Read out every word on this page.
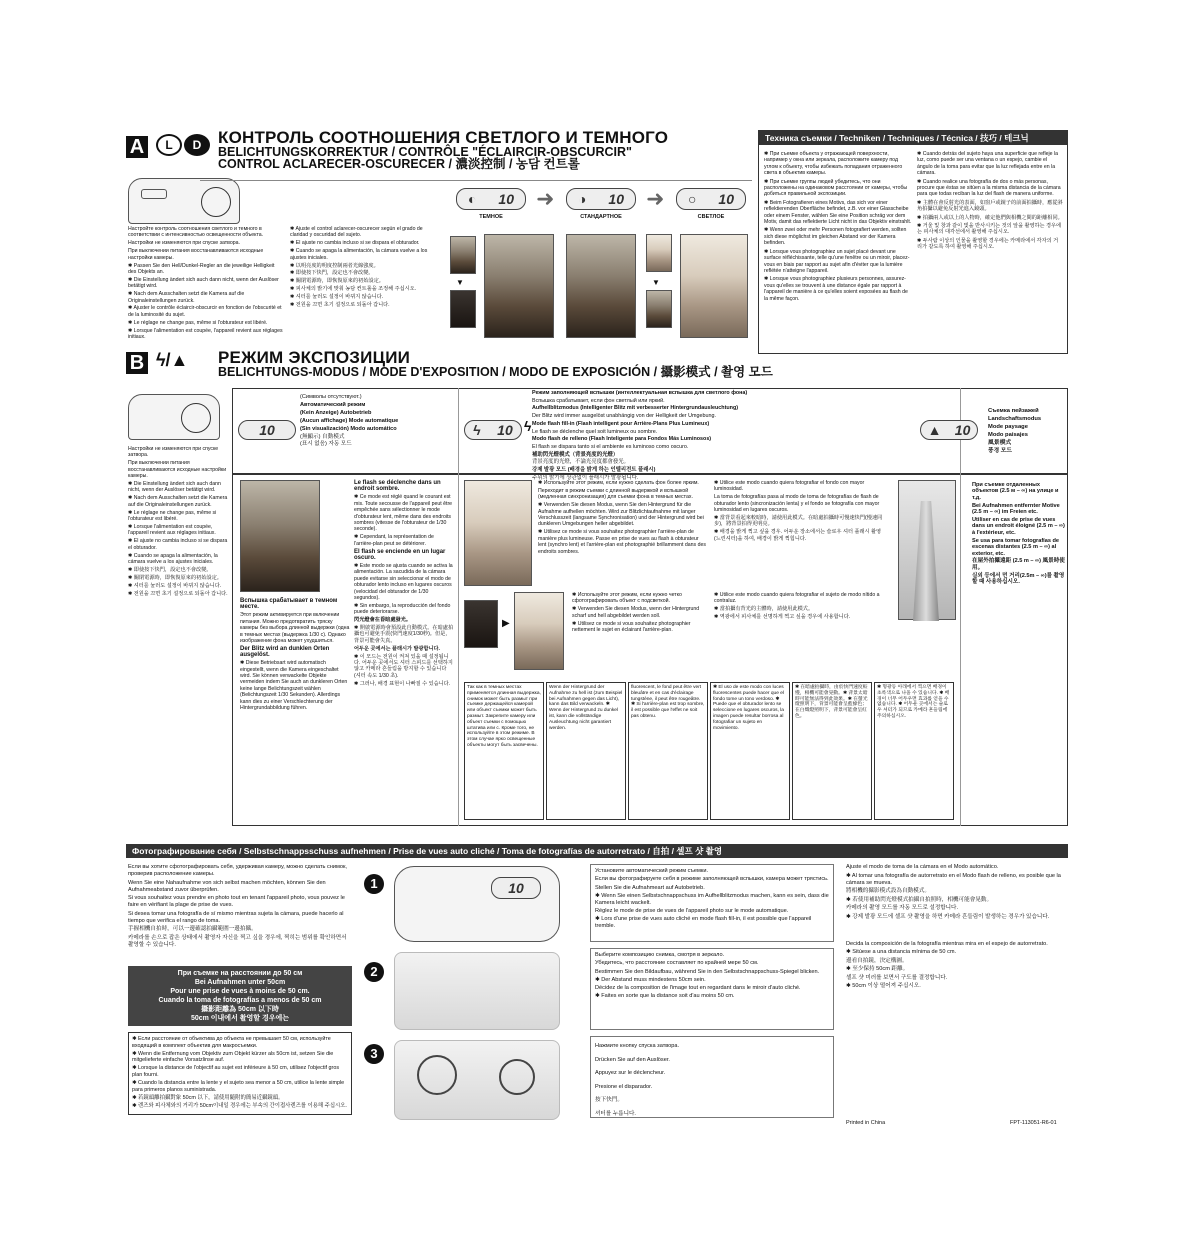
A	L	D КОНТРОЛЬ СООТНОШЕНИЯ СВЕТЛОГО И ТЕМНОГО
BELICHTUNGSKORREKTUR / CONTRÔLE "ÉCLAIRCIR-OBSCURCIR"
CONTROL ACLARECER-OSCURECER / 濃淡控制 / 농담 컨트롤
◐ 10 ➜ ◑ 10 ➜ ○ 10
ТЕМНОЕ	СТАНДАРТНОЕ	СВЕТЛОЕ
▼	▼

Настройте контроль соотношения светлого и темного в соответствии с интенсивностью освещенности объекта.

Настройки не изменяются при спуске затвора.

При выключении питания восстанавливаются исходные настройки камеры.

✱ Passen Sie den Hell/Dunkel-Regler an die jeweilige Helligkeit des Objekts an.

✱ Die Einstellung ändert sich auch dann nicht, wenn der Auslöser betätigt wird.

✱ Nach dem Ausschalten setzt die Kamera auf die Originaleinstellungen zurück.

✱ Ajuster le contrôle éclaircir-obscurcir en fonction de l'obscurité et de la luminosité du sujet.

✱ Le réglage ne change pas, même si l'obturateur est libéré.

✱ Lorsque l'alimentation est coupée, l'appareil revient aux réglages initiaux.

✱ Ajuste el control aclarecer-oscurecer según el grado de claridad y oscuridad del sujeto.

✱ El ajuste no cambia incluso si se dispara el obturador.

✱ Cuando se apaga la alimentación, la cámara vuelve a los ajustes iniciales.

✱ 以明亮度的明度控制兩者光線強度。

✱ 即使按下快門，設定也不會改變。

✱ 關閉電源時，即恢復原來的初始設定。

✱ 피사체의 밝기에 맞춰 농담 컨트롤을 조정해 주십시오.

✱ 셔터를 눌러도 설정이 바뀌지 않습니다.

✱ 전원을 끄면 초기 설정으로 되돌아 갑니다.

Техника съемки / Techniken / Techniques / Técnica / 技巧 / 테크닉

✱ При съемке объекта у отражающей поверхности, например у окна или зеркала, расположите камеру под углом к объекту, чтобы избежать попадания отраженного света в объектив камеры.

✱ При съемке группы людей убедитесь, что они расположены на одинаковом расстоянии от камеры, чтобы добиться правильной экспозиции.

✱ Beim Fotografieren eines Motivs, das sich vor einer reflektierenden Oberfläche befindet, z.B. vor einer Glasscheibe oder einem Fenster, wählen Sie eine Position schräg vor dem Motiv, damit das reflektierte Licht nicht in das Objektiv einstrahlt.

✱ Wenn zwei oder mehr Personen fotografiert werden, sollten sich diese möglichst im gleichen Abstand vor der Kamera befinden.

✱ Lorsque vous photographiez un sujet placé devant une surface réfléchissante, telle qu'une fenêtre ou un miroir, placez-vous en biais par rapport au sujet afin d'éviter que la lumière reflétée n'atteigne l'appareil.

✱ Lorsque vous photographiez plusieurs personnes, assurez-vous qu'elles se trouvent à une distance égale par rapport à l'appareil de manière à ce qu'elles soient exposées au flash de la même façon.

✱ Cuando detrás del sujeto haya una superficie que refleje la luz, como puede ser una ventana o un espejo, cambie el ángulo de la toma para evitar que la luz reflejada entre en la cámara.

✱ Cuando realice una fotografía de dos o más personas, procure que éstas se sitúen a la misma distancia de la cámara para que todas reciban la luz del flash de manera uniforme.

✱ 主體在會反射光的表面，如窗戶或鏡子的前面拍攝時，應從斜角拍攝以避免反射光進入鏡頭。

✱ 拍攝兩人或以上的人物時，確定他們與相機之間的距離相同。

✱ 거울 및 창과 같이 빛을 반사시키는 것의 앞을 촬영하는 경우에는 피사체의 대각선에서 촬영해 주십시오.

✱ 두사람 이상의 인물을 촬영할 경우에는 카메라에서 각자의 거리가 같도록 하여 촬영해 주십시오.

B ϟ/▲ РЕЖИМ ЭКСПОЗИЦИИ
BELICHTUNGS-MODUS / MODE D'EXPOSITION / MODO DE EXPOSICIÓN / 攝影模式 / 촬영 모드
10

(Символы отсутствуют.)

Автоматический режим

(Kein Anzeige) Autobetrieb

(Aucun affichage) Mode automatique

(Sin visualización) Modo automático

(無顯示) 自動模式

(표시 없음) 자동 모드

ϟ 10 ϟ

Режим заполняющей вспышки (интеллектуальная вспышка для светлого фона)

Вспышка срабатывает, если фон светлый или яркий.

Aufhellblitzmodus (Intelligenter Blitz mit verbesserter Hintergrundausleuchtung)

Der Blitz wird immer ausgelöst unabhängig von der Helligkeit der Umgebung.

Mode flash fill-in (Flash intelligent pour Arrière-Plans Plus Lumineux)

Le flash se déclenche quel soit lumineux ou sombre.

Modo flash de relleno (Flash Inteligente para Fondos Más Luminosos)

El flash se dispara tanto si el ambiente es luminoso como oscuro.

補助閃光燈模式（背景亮度的光燈）

背景亮度的光燈，不論光亮度都會發光。

강제 발광 모드 (배경을 밝게 하는 인텔리전트 플래시)

주위의 밝기에 상관없이 플래시가 발광됩니다.

▲ 10

Съемка пейзажей

Landschaftsmodus

Mode paysage

Modo paisajes

風景模式

풍경 모드

Настройки не изменяются при спуске затвора.

При выключении питания восстанавливаются исходные настройки камеры.

✱ Die Einstellung ändert sich auch dann nicht, wenn der Auslöser betätigt wird.

✱ Nach dem Ausschalten setzt die Kamera auf die Originaleinstellungen zurück.

✱ Le réglage ne change pas, même si l'obturateur est libéré.

✱ Lorsque l'alimentation est coupée, l'appareil revient aux réglages initiaux.

✱ El ajuste no cambia incluso si se dispara el obturador.

✱ Cuando se apaga la alimentación, la cámara vuelve a los ajustes iniciales.

✱ 即使按下快門，設定也不會改變。

✱ 關閉電源時，即恢復原來的初始設定。

✱ 셔터를 눌러도 설정이 바뀌지 않습니다.

✱ 전원을 끄면 초기 설정으로 되돌아 갑니다.

Вспышка срабатывает в темном месте.

Этот режим активируется при включении питания. Можно предотвратить тряску камеры без выбора длинной выдержки (одна в темных местах (выдержка 1/30 с). Однако изображение фона может ухудшиться.

Der Blitz wird an dunklen Orten ausgelöst.

✱ Diese Betriebsart wird automatisch eingestellt, wenn die Kamera eingeschaltet wird. Sie können verwackelte Objekte vermeiden indem Sie auch an dunkleren Orten keine lange Belichtungszeit wählen (Belichtungszeit 1/30 Sekunden). Allerdings kann dies zu einer Verschlechterung der Hintergrundabbildung führen.

Le flash se déclenche dans un endroit sombre.

✱ Ce mode est réglé quand le courant est mis. Toute secousse de l'appareil peut être empêchée sans sélectionner le mode d'obturateur lent, même dans des endroits sombres (vitesse de l'obturateur de 1/30 seconde).

✱ Cependant, la représentation de l'arrière-plan peut se détériorer.

El flash se enciende en un lugar oscuro.

✱ Este modo se ajusta cuando se activa la alimentación. La sacudida de la cámara puede evitarse sin seleccionar el modo de obturador lento incluso en lugares oscuros (velocidad del obturador de 1/30 segundos).

✱ Sin embargo, la reproducción del fondo puede deteriorarse.

閃光燈會在昏暗處發光。

✱ 開啟電源時會預設此自動模式。在暗處拍攝也可避免手震(快門速度1/30秒)。但是，背景可能會失真。

어두운 곳에서는 플래시가 발광합니다.

✱ 이 모드는 전원이 켜져 있을 때 설정됩니다. 어두운 곳에서도 셔터 스피드를 선택하지 않고 카메라 흔들림을 방지할 수 있습니다 (셔터 속도 1/30 초).

✱ 그러나, 배경 표현이 나빠질 수 있습니다.

✱ Используйте этот режим, если нужно сделать фон более ярким.

Переходит в режим съемки с длинной выдержкой и вспышкой (медленная синхронизация) для съемки фона в темных местах.

✱ Verwenden Sie diesen Modus, wenn Sie den Hintergrund für die Aufnahme aufhellen möchten. Wird zur Blitzlichtaufnahme mit langer Verschlusszeit (langsame Synchronisation) und der Hintergrund wird bei dunkleren Umgebungen heller abgebildet.

✱ Utilisez ce mode si vous souhaitez photographier l'arrière-plan de manière plus lumineuse. Passe en prise de vues au flash à obturateur lent (synchro lent) et l'arrière-plan est photographié brillamment dans des endroits sombres.

✱ Utilice este modo cuando quiera fotografiar el fondo con mayor luminosidad.

La toma de fotografías pasa al modo de toma de fotografías de flash de obturador lento (sincronización lenta) y el fondo se fotografía con mayor luminosidad en lugares oscuros.

✱ 當背景看起來較暗時，請使用此模式。在暗處拍攝時可慢速快門(慢速同步)，將背景拍得更明亮。

✱ 배경을 밝게 찍고 싶을 경우. 어두운 장소에서는 슬로우 셔터 플래시 촬영(느린셔터)을 하여, 배경이 밝게 찍힙니다.

▶

✱ Используйте этот режим, если нужно четко сфотографировать объект с подсветкой.

✱ Verwenden Sie diesen Modus, wenn der Hintergrund scharf und hell abgebildet werden soll.

✱ Utilisez ce mode si vous souhaitez photographier nettement le sujet en éclairant l'arrière-plan.

✱ Utilice este modo cuando quiera fotografiar el sujeto de modo nítido a contraluz.

✱ 當拍攝有背光的主體時，請使用此模式。

✱ 역광에서 피사체를 선명하게 찍고 싶을 경우에 사용합니다.

Так как в темных местах применяется длинная выдержка, снимок может быть размыт при съемке держащейся камерой или объект съемки может быть размыт. Закрепите камеру или объект съемки с помощью штатива или с. Кроме того, не используйте в этом режиме. В этом случае ярко освещенные объекты могут быть засвечены.
Wenn der Hintergrund der Aufnahme zu hell ist (zum Beispiel bei Aufnahmen gegen das Licht), kann das Bild verwackeln. ✱ Wenn der Hintergrund zu dunkel ist, kann die vollständige Ausleuchtung nicht garantiert werden.
fluorescent, le fond peut être vert bleuâtre et en cas d'éclairage tungstène, il peut être rougeâtre. ✱ Si l'arrière-plan est trop sombre, il est possible que l'effet ne soit pas obtenu.
✱ El uso de este modo con luces fluorescentes puede hacer que el fondo tome un tono verdoso. ✱ Puede que el obturador lento se seleccione en lugares oscuros, la imagen puede resultar borrosa al fotografiar un sujeto en movimiento.
✱ 在暗處拍攝時，由於快門速度較慢，相機可能會晃動。✱ 背景太暗時可能無法得到此效果。✱ 在螢光燈照明下，背景可能會呈藍綠色；在白熾燈照明下，背景可能會呈紅色。
✱ 형광등 아래에서 찍으면 배경이 초록색으로 나올 수 있습니다. ✱ 배경이 너무 어두우면 효과를 얻을 수 없습니다. ✱ 어두운 곳에서는 슬로우 셔터가 되므로 카메라 흔들림에 주의하십시오.

При съемке отдаленных объектов (2.5 м – ∞) на улице и т.д.

Bei Aufnahmen entfernter Motive (2.5 m – ∞) im Freien etc.

Utiliser en cas de prise de vues dans un endroit éloigné (2.5 m – ∞) à l'extérieur, etc.

Se usa para tomar fotografías de escenas distantes (2.5 m – ∞) al exterior, etc.

在屋外拍攝遠距 (2.5 m – ∞) 風景時使用。

실외 등에서 먼 거리(2.5m – ∞)를 촬영할 때 사용하십시오.

Фотографирование себя / Selbstschnappsschuss aufnehmen / Prise de vues auto cliché / Toma de fotografías de autorretrato / 自拍 / 셀프 샷 촬영

Если вы хотите сфотографировать себя, удерживая камеру, можно сделать снимок, проверив расположение камеры.

Wenn Sie eine Nahaufnahme von sich selbst machen möchten, können Sie den Aufnahmeabstand zuvor überprüfen.

Si vous souhaitez vous prendre en photo tout en tenant l'appareil photo, vous pouvez le faire en vérifiant la plage de prise de vues.

Si desea tomar una fotografía de sí mismo mientras sujeta la cámara, puede hacerlo al tiempo que verifica el rango de toma.

手握相機自拍時，可以一邊確認拍攝範圍一邊拍攝。

카메라를 손으로 잡은 상태에서 촬영자 자신을 찍고 싶을 경우에, 찍히는 범위를 확인하면서 촬영할 수 있습니다.

При съемке на расстоянии до 50 см

Bei Aufnahmen unter 50cm

Pour une prise de vues à moins de 50 cm.

Cuando la toma de fotografías a menos de 50 cm

攝影距離為 50cm 以下時

50cm 이내에서 촬영할 경우에는

✱ Если расстояние от объектива до объекта не превышает 50 см, используйте входящий в комплект объектив для макросъемки.

✱ Wenn die Entfernung vom Objektiv zum Objekt kürzer als 50cm ist, setzen Sie die mitgelieferte einfache Vorsatzlinse auf.

✱ Lorsque la distance de l'objectif au sujet est inférieure à 50 cm, utilisez l'objectif gros plan fourni.

✱ Cuando la distancia entre la lente y el sujeto sea menor a 50 cm, utilice la lente simple para primeros planos suministrada.

✱ 若鏡頭離拍攝對象 50cm 以下，請使用隨附的簡易近攝鏡頭。

✱ 렌즈와 피사체와의 거리가 50cm이내일 경우에는 부속의 간이접사렌즈를 이용해 주십시오.

1	10
2
3

Установите автоматический режим съемки.

Если вы фотографируете себя в режиме заполняющей вспышки, камера может трястись.

Stellen Sie die Aufnahmeart auf Autobetrieb.

✱ Wenn Sie einen Selbstschnappschuss im Aufhellblitzmodus machen, kann es sein, dass die Kamera leicht wackelt.

Réglez le mode de prise de vues de l'appareil photo sur le mode automatique.

✱ Lors d'une prise de vues auto cliché en mode flash fill-in, il est possible que l'appareil tremble.

Выберите композицию снимка, смотря в зеркало.

Убедитесь, что расстояние составляет по крайней мере 50 см.

Bestimmen Sie den Bildaufbau, während Sie in den Selbstschnappschuss-Spiegel blicken.

✱ Der Abstand muss mindestens 50cm sein.

Décidez de la composition de l'image tout en regardant dans le miroir d'auto cliché.

✱ Faites en sorte que la distance soit d'au moins 50 cm.

Нажмите кнопку спуска затвора.

Drücken Sie auf den Auslöser.

Appuyez sur le déclencheur.

Presione el disparador.

按下快門。

셔터를 누릅니다.

Ajuste el modo de toma de la cámara en el Modo automático.

✱ Al tomar una fotografía de autorretrato en el Modo flash de relleno, es posible que la cámara se mueva.

將相機的攝影模式設為自動模式。

✱ 若使用補助閃光燈模式拍攝自拍照時，相機可能會晃動。

카메라의 촬영 모드를 자동 모드로 설정합니다.

✱ 강제 발광 모드에 셀프 샷 촬영을 하면 카메라 흔들림이 발생하는 경우가 있습니다.

Decida la composición de la fotografía mientras mira en el espejo de autorretrato.

✱ Sitúese a una distancia mínima de 50 cm.

邊看自拍鏡，決定構圖。

✱ 至少保持 50cm 距離。

셀프 샷 미러를 보면서 구도를 결정합니다.

✱ 50cm 이상 떨어져 주십시오.

Printed in China	FPT-113051-R6-01
